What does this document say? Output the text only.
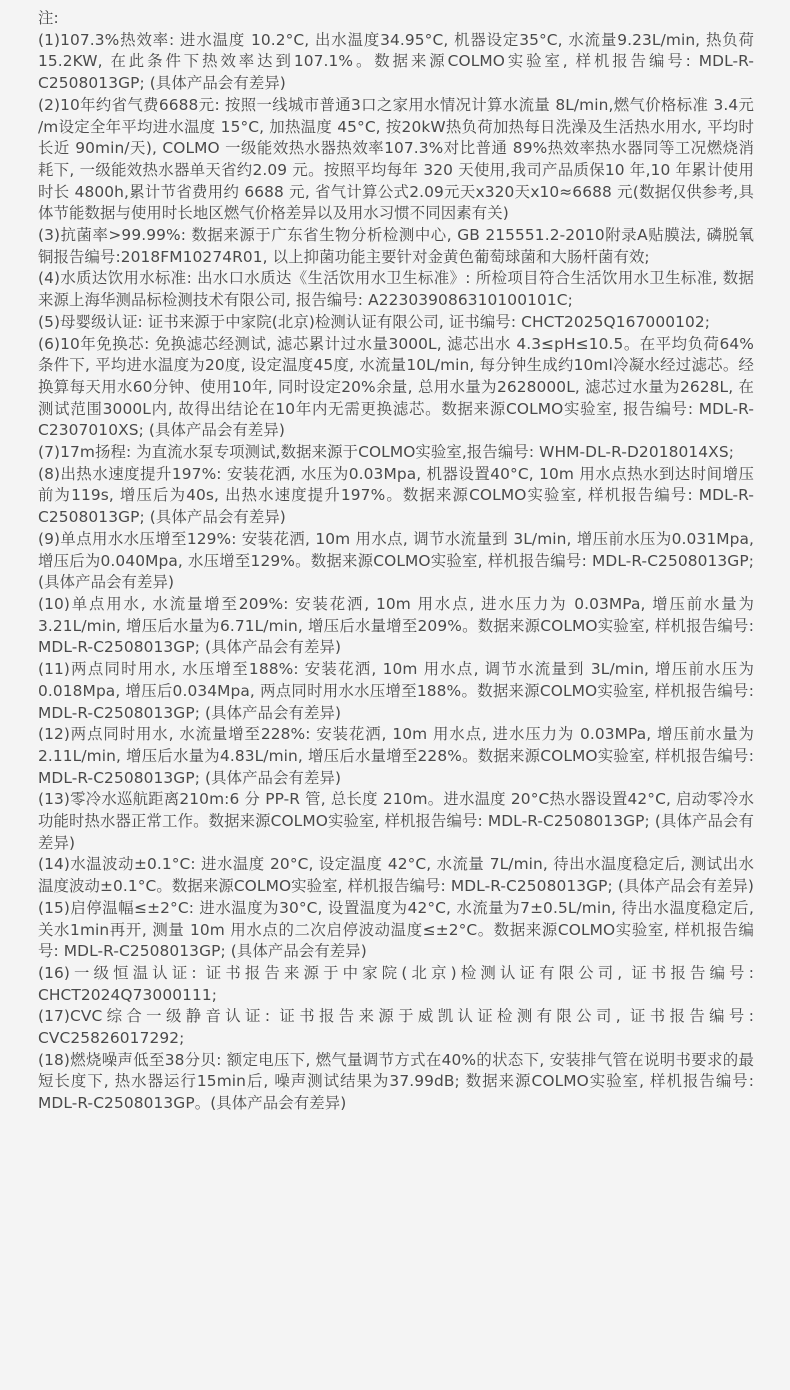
注:

(1)107.3%热效率: 进水温度 10.2°C, 出水温度34.95°C, 机器设定35°C, 水流量9.23L/min, 热负荷15.2KW, 在此条件下热效率达到107.1%。数据来源COLMO实验室, 样机报告编号: MDL-R-C2508013GP; (具体产品会有差异)

(2)10年约省气费6688元: 按照一线城市普通3口之家用水情况计算水流量 8L/min,燃气价格标准 3.4元 /m设定全年平均进水温度 15°C, 加热温度 45°C, 按20kW热负荷加热每日洗澡及生活热水用水, 平均时长近 90min/天), COLMO 一级能效热水器热效率107.3%对比普通 89%热效率热水器同等工况燃烧消耗下, 一级能效热水器单天省约2.09 元。按照平均每年 320 天使用,我司产品质保10 年,10 年累计使用时长 4800h,累计节省费用约 6688 元, 省气计算公式2.09元天x320天x10≈6688 元(数据仅供参考,具体节能数据与使用时长地区燃气价格差异以及用水习惯不同因素有关)

(3)抗菌率>99.99%: 数据来源于广东省生物分析检测中心, GB 215551.2-2010附录A贴膜法, 磷脱氧铜报告编号:2018FM10274R01, 以上抑菌功能主要针对金黄色葡萄球菌和大肠杆菌有效;

(4)水质达饮用水标准: 出水口水质达《生活饮用水卫生标准》: 所检项目符合生活饮用水卫生标准, 数据来源上海华测品标检测技术有限公司, 报告编号: A2230390863101001​01C;

(5)母婴级认证: 证书来源于中家院(北京)检测认证有限公司, 证书编号: CHCT2025Q167000102;

(6)10年免换芯: 免换滤芯经测试, 滤芯累计过水量3000L, 滤芯出水 4.3≤pH≤10.5。在平均负荷64%条件下, 平均进水温度为20度, 设定温度45度, 水流量10L/min, 每分钟生成约10ml冷凝水经过滤芯。经换算每天用水60分钟、使用10年, 同时设定20%余量, 总用水量为2628000L, 滤芯过水量为2628L, 在测试范围3000L内, 故得出结论在10年内无需更换滤芯。数据来源COLMO实验室, 报告编号: MDL-R-C2307010XS; (具体产品会有差异)

(7)17m扬程: 为直流水泵专项测试,数据来源于COLMO实验室,报告编号: WHM-DL-R-D2018014XS;

(8)出热水速度提升197%: 安装花洒, 水压为0.03Mpa, 机器设置40°C, 10m 用水点热水到达时间增压前为119s, 增压后为40s, 出热水速度提升197%。数据来源COLMO实验室, 样机报告编号: MDL-R-C2508013GP; (具体产品会有差异)

(9)单点用水水压增至129%: 安装花洒, 10m 用水点, 调节水流量到 3L/min, 增压前水压为0.031Mpa, 增压后为0.040Mpa, 水压增至129%。数据来源COLMO实验室, 样机报告编号: MDL-R-C2508013GP; (具体产品会有差异)

(10)单点用水, 水流量增至209%: 安装花洒, 10m 用水点, 进水压力为 0.03MPa, 增压前水量为3.21L/min, 增压后水量为6.71L/min, 增压后水量增至209%。数据来源COLMO实验室, 样机报告编号: MDL-R-C2508013GP; (具体产品会有差异)

(11)两点同时用水, 水压增至188%: 安装花洒, 10m 用水点, 调节水流量到 3L/min, 增压前水压为0.018Mpa, 增压后0.034Mpa, 两点同时用水水压增至188%。数据来源COLMO实验室, 样机报告编号: MDL-R-C2508013GP; (具体产品会有差异)

(12)两点同时用水, 水流量增至228%: 安装花洒, 10m 用水点, 进水压力为 0.03MPa, 增压前水量为2.11L/min, 增压后水量为4.83L/min, 增压后水量增至228%。数据来源COLMO实验室, 样机报告编号: MDL-R-C2508013GP; (具体产品会有差异)

(13)零冷水巡航距离210m:6 分 PP-R 管, 总长度 210m。进水温度 20°C热水器设置42°C, 启动零冷水功能时热水器正常工作。数据来源COLMO实验室, 样机报告编号: MDL-R-C2508013GP; (具体产品会有差异)

(14)水温波动±0.1°C: 进水温度 20°C, 设定温度 42°C, 水流量 7L/min, 待出水温度稳定后, 测试出水温度波动±0.1°C。数据来源COLMO实验室, 样机报告编号: MDL-R-C2508013GP; (具体产品会有差异)

(15)启停温幅≤±2°C: 进水温度为30°C, 设置温度为42°C, 水流量为7±0.5L/min, 待出水温度稳定后, 关水1min再开, 测量 10m 用水点的二次启停波动温度≤±2°C。数据来源COLMO实验室, 样机报告编号: MDL-R-C2508013GP; (具体产品会有差异)

(16)一级恒温认证: 证书报告来源于中家院(北京)检测认证有限公司, 证书报告编号: CHCT2024Q73000111;

(17)CVC综合一级静音认证: 证书报告来源于威凯认证检测有限公司, 证书报告编号: CVC25826017292;

(18)燃烧噪声低至38分贝: 额定电压下, 燃气量调节方式在40%的状态下, 安装排气管在说明书要求的最短长度下, 热水器运行15min后, 噪声测试结果为37.99dB; 数据来源COLMO实验室, 样机报告编号: MDL-R-C2508013GP。(具体产品会有差异)
